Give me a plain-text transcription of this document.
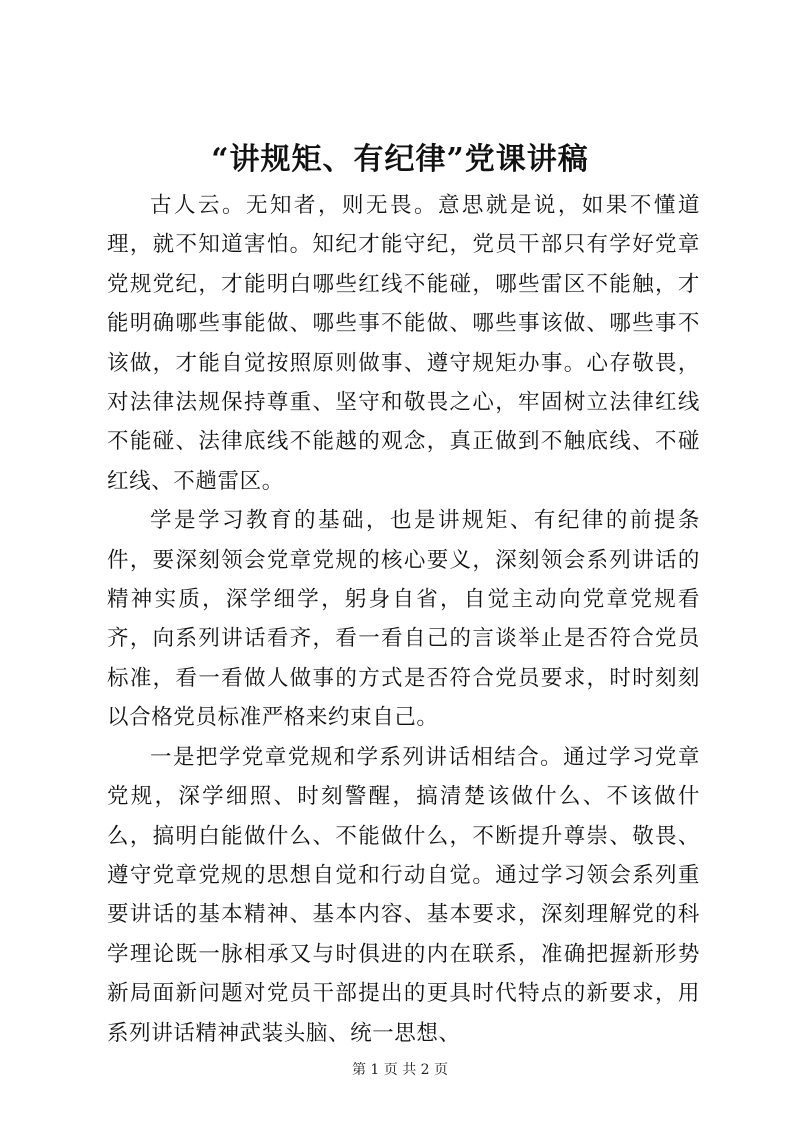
“讲规矩、有纪律”党课讲稿

古人云。无知者，则无畏。意思就是说，如果不懂道理，就不知道害怕。知纪才能守纪，党员干部只有学好党章党规党纪，才能明白哪些红线不能碰，哪些雷区不能触，才能明确哪些事能做、哪些事不能做、哪些事该做、哪些事不该做，才能自觉按照原则做事、遵守规矩办事。心存敬畏，对法律法规保持尊重、坚守和敬畏之心，牢固树立法律红线不能碰、法律底线不能越的观念，真正做到不触底线、不碰红线、不趟雷区。

学是学习教育的基础，也是讲规矩、有纪律的前提条件，要深刻领会党章党规的核心要义，深刻领会系列讲话的精神实质，深学细学，躬身自省，自觉主动向党章党规看齐，向系列讲话看齐，看一看自己的言谈举止是否符合党员标准，看一看做人做事的方式是否符合党员要求，时时刻刻以合格党员标准严格来约束自己。

一是把学党章党规和学系列讲话相结合。通过学习党章党规，深学细照、时刻警醒，搞清楚该做什么、不该做什么，搞明白能做什么、不能做什么，不断提升尊崇、敬畏、遵守党章党规的思想自觉和行动自觉。通过学习领会系列重要讲话的基本精神、基本内容、基本要求，深刻理解党的科学理论既一脉相承又与时俱进的内在联系，准确把握新形势新局面新问题对党员干部提出的更具时代特点的新要求，用系列讲话精神武装头脑、统一思想、

第 1 页 共 2 页
